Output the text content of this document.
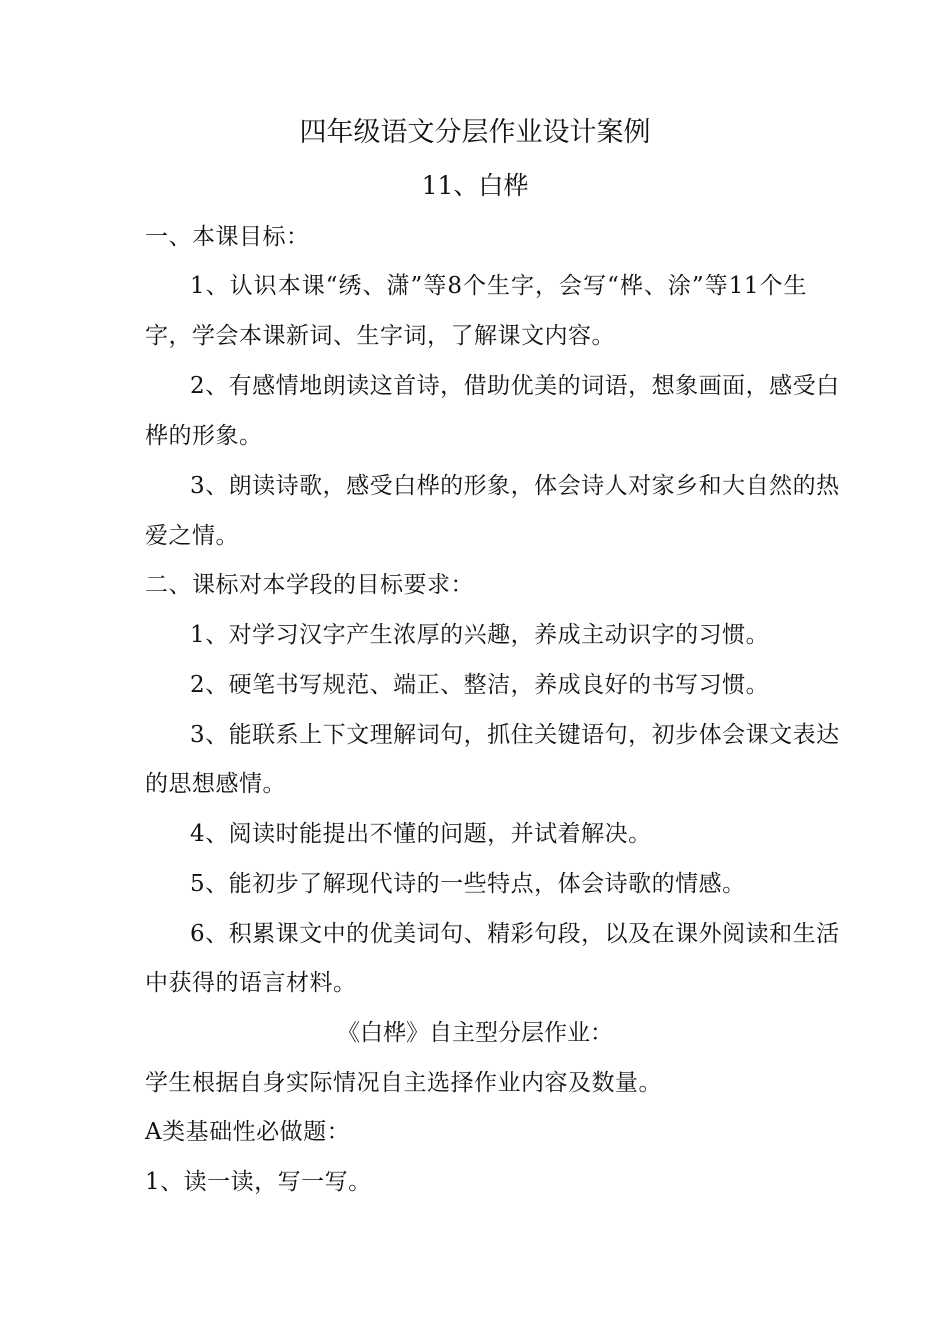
四年级语文分层作业设计案例
11、白桦
一、本课目标：
1、认识本课“绣、潇”等8个生字，会写“桦、涂”等11个生
字，学会本课新词、生字词，了解课文内容。
2、有感情地朗读这首诗，借助优美的词语，想象画面，感受白
桦的形象。
3、朗读诗歌，感受白桦的形象，体会诗人对家乡和大自然的热
爱之情。
二、课标对本学段的目标要求：
1、对学习汉字产生浓厚的兴趣，养成主动识字的习惯。
2、硬笔书写规范、端正、整洁，养成良好的书写习惯。
3、能联系上下文理解词句，抓住关键语句，初步体会课文表达
的思想感情。
4、阅读时能提出不懂的问题，并试着解决。
5、能初步了解现代诗的一些特点，体会诗歌的情感。
6、积累课文中的优美词句、精彩句段，以及在课外阅读和生活
中获得的语言材料。
《白桦》自主型分层作业：
学生根据自身实际情况自主选择作业内容及数量。
A类基础性必做题：
1、读一读，写一写。
